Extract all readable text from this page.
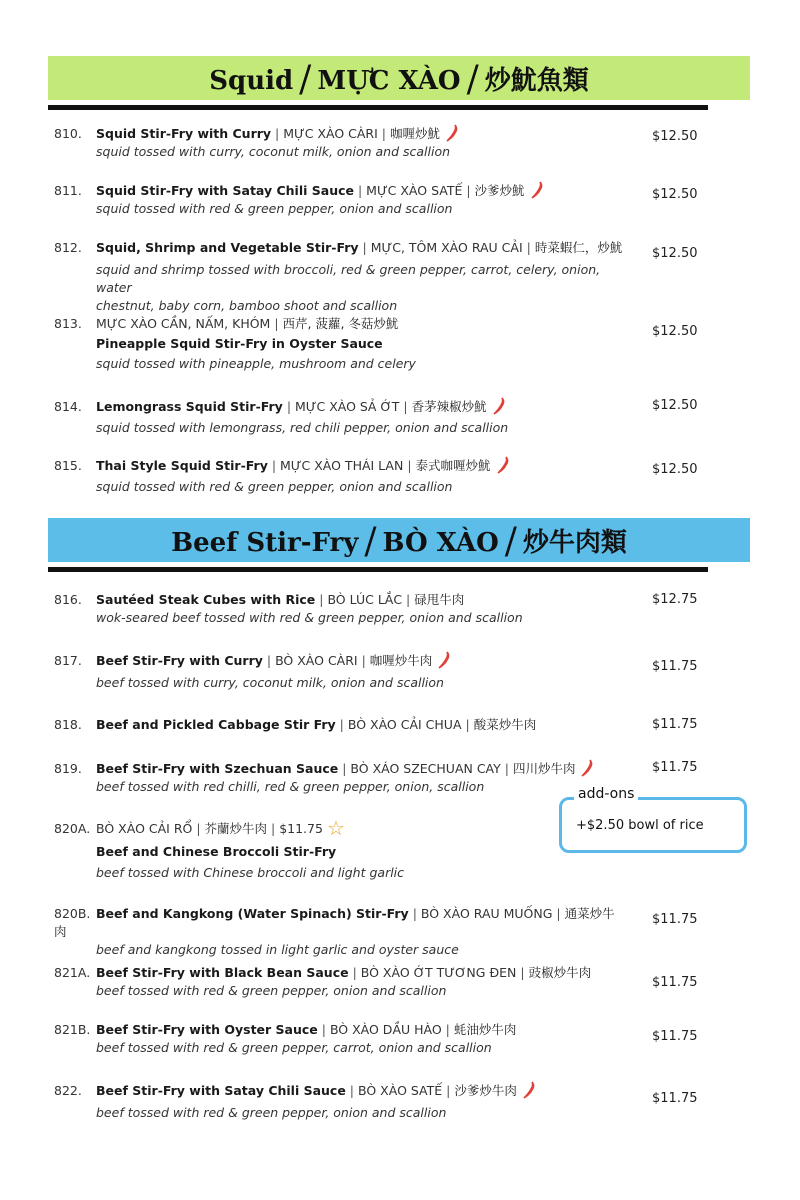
Squid / MỰC XÀO / 炒魷魚類
810. Squid Stir-Fry with Curry | MỰC XÀO CÀRI | 咖喱炒魷
squid tossed with curry, coconut milk, onion and scallion
$12.50
811. Squid Stir-Fry with Satay Chili Sauce | MỰC XÀO SATẾ | 沙爹炒魷
squid tossed with red & green pepper, onion and scallion
$12.50
812. Squid, Shrimp and Vegetable Stir-Fry | MỰC, TÔM XÀO RAU CẢI | 時菜蝦仁，炒魷
squid and shrimp tossed with broccoli, red & green pepper, carrot, celery, onion, water
chestnut, baby corn, bamboo shoot and scallion
$12.50
813. MỰC XÀO CẦN, NẤM, KHÓM | 西芹, 菠蘿, 冬菇炒魷
Pineapple Squid Stir-Fry in Oyster Sauce
squid tossed with pineapple, mushroom and celery
$12.50
814. Lemongrass Squid Stir-Fry | MỰC XÀO SẢ ỚT | 香茅辣椒炒魷
squid tossed with lemongrass, red chili pepper, onion and scallion
$12.50
815. Thai Style Squid Stir-Fry | MỰC XÀO THÁI LAN | 泰式咖喱炒魷
squid tossed with red & green pepper, onion and scallion
$12.50
Beef Stir-Fry / BÒ XÀO / 炒牛肉類
816. Sautéed Steak Cubes with Rice | BÒ LÚC LẮC | 碌甩牛肉
wok-seared beef tossed with red & green pepper, onion and scallion
$12.75
817. Beef Stir-Fry with Curry | BÒ XÀO CÀRI | 咖喱炒牛肉
beef tossed with curry, coconut milk, onion and scallion
$11.75
818. Beef and Pickled Cabbage Stir Fry | BÒ XÀO CẢI CHUA | 酸菜炒牛肉	$11.75
819. Beef Stir-Fry with Szechuan Sauce | BÒ XÁO SZECHUAN CAY | 四川炒牛肉
beef tossed with red chilli, red & green pepper, onion, scallion
$11.75
add-ons
+$2.50 bowl of rice
820A. BÒ XÀO CẢI RỔ | 芥蘭炒牛肉 | $11.75 ☆
Beef and Chinese Broccoli Stir-Fry
beef tossed with Chinese broccoli and light garlic
820B. Beef and Kangkong (Water Spinach) Stir-Fry | BÒ XÀO RAU MUỐNG | 通菜炒牛肉
beef and kangkong tossed in light garlic and oyster sauce
$11.75
821A. Beef Stir-Fry with Black Bean Sauce | BÒ XÀO ỚT TƯƠNG ĐEN | 豉椒炒牛肉
beef tossed with red & green pepper, onion and scallion
$11.75
821B. Beef Stir-Fry with Oyster Sauce | BÒ XÀO DẦU HÀO | 蚝油炒牛肉
beef tossed with red & green pepper, carrot, onion and scallion
$11.75
822. Beef Stir-Fry with Satay Chili Sauce | BÒ XÀO SATẾ | 沙爹炒牛肉
beef tossed with red & green pepper, onion and scallion
$11.75
